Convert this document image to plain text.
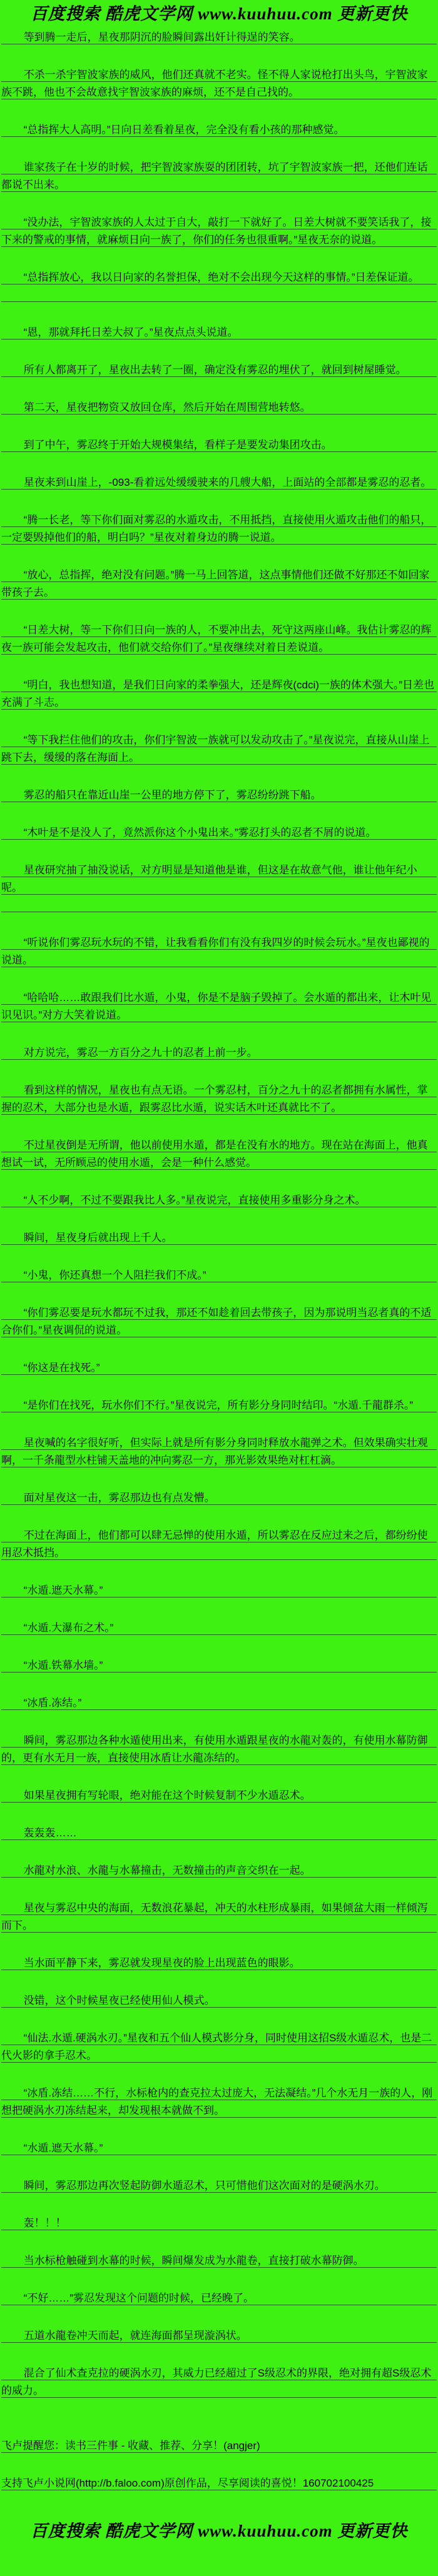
百度搜索 酷虎文学网 www.kuuhuu.com 更新更快

等到腾一走后，星夜那阴沉的脸瞬间露出奸计得逞的笑容。

不杀一杀宇智波家族的威风，他们还真就不老实。怪不得人家说枪打出头鸟，宇智波家族不跳，他也不会故意找宇智波家族的麻烦，还不是自己找的。

“总指挥大人高明。”日向日差看着星夜，完全没有看小孩的那种感觉。

谁家孩子在十岁的时候，把宇智波家族耍的团团转，坑了宇智波家族一把，还他们连话都说不出来。

“没办法，宇智波家族的人太过于自大，敲打一下就好了。日差大树就不要笑话我了，接下来的警戒的事情，就麻烦日向一族了，你们的任务也很重啊。”星夜无奈的说道。

“总指挥放心，我以日向家的名誉担保，绝对不会出现今天这样的事情。”日差保证道。

“恩，那就拜托日差大叔了。”星夜点点头说道。

所有人都离开了，星夜出去转了一圈，确定没有雾忍的埋伏了，就回到树屋睡觉。

第二天，星夜把物资又放回仓库，然后开始在周围营地转悠。

到了中午，雾忍终于开始大规模集结，看样子是要发动集团攻击。

星夜来到山崖上，-093-看着远处缓缓驶来的几艘大船，上面站的全部都是雾忍的忍者。

“腾一长老，等下你们面对雾忍的水遁攻击，不用抵挡，直接使用火遁攻击他们的船只，一定要毁掉他们的船，明白吗？”星夜对着身边的腾一说道。

“放心，总指挥，绝对没有问题。”腾一马上回答道，这点事情他们还做不好那还不如回家带孩子去。

“日差大树，等一下你们日向一族的人，不要冲出去，死守这两座山峰。我估计雾忍的辉夜一族可能会发起攻击，他们就交给你们了。”星夜继续对着日差说道。

“明白，我也想知道，是我们日向家的柔拳强大，还是辉夜(cdci)一族的体术强大。”日差也充满了斗志。

“等下我拦住他们的攻击，你们宇智波一族就可以发动攻击了。”星夜说完，直接从山崖上跳下去，缓缓的落在海面上。

雾忍的船只在靠近山崖一公里的地方停下了，雾忍纷纷跳下船。

“木叶是不是没人了，竟然派你这个小鬼出来。”雾忍打头的忍者不屑的说道。

星夜研究抽了抽没说话，对方明显是知道他是谁，但这是在故意气他，谁让他年纪小呢。

“听说你们雾忍玩水玩的不错，让我看看你们有没有我四岁的时候会玩水。”星夜也鄙视的说道。

“哈哈哈……敢跟我们比水遁，小鬼，你是不是脑子毁掉了。会水遁的都出来，让木叶见识见识。”对方大笑着说道。

对方说完，雾忍一方百分之九十的忍者上前一步。

看到这样的情况，星夜也有点无语。一个雾忍村，百分之九十的忍者都拥有水属性，掌握的忍术，大部分也是水遁，跟雾忍比水遁，说实话木叶还真就比不了。

不过星夜倒是无所谓，他以前使用水遁，都是在没有水的地方。现在站在海面上，他真想试一试，无所顾忌的使用水遁，会是一种什么感觉。

“人不少啊，不过不要跟我比人多。”星夜说完，直接使用多重影分身之术。

瞬间，星夜身后就出现上千人。

“小鬼，你还真想一个人阻拦我们不成。”

“你们雾忍要是玩水都玩不过我，那还不如趁着回去带孩子，因为那说明当忍者真的不适合你们。”星夜调侃的说道。

“你这是在找死。”

“是你们在找死，玩水你们不行。”星夜说完，所有影分身同时结印。“水遁.千龍群杀。”

星夜喊的名字很好听，但实际上就是所有影分身同时释放水龍弹之术。但效果确实壮观啊，一千条龍型水柱铺天盖地的冲向雾忍一方，那光影效果绝对杠杠滴。

面对星夜这一击，雾忍那边也有点发懵。

不过在海面上，他们都可以肆无忌惮的使用水遁，所以雾忍在反应过来之后，都纷纷使用忍术抵挡。

“水遁.遮天水幕。”

“水遁.大瀑布之术。”

“水遁.铁幕水墙。”

“冰盾.冻结。”

瞬间，雾忍那边各种水遁使用出来，有使用水遁跟星夜的水龍对轰的，有使用水幕防御的，更有水无月一族，直接使用冰盾让水龍冻结的。

如果星夜拥有写轮眼，绝对能在这个时候复制不少水遁忍术。

轰轰轰……

水龍对水浪、水龍与水幕撞击，无数撞击的声音交织在一起。

星夜与雾忍中央的海面，无数浪花暴起，冲天的水柱形成暴雨，如果倾盆大雨一样倾泻而下。

当水面平静下来，雾忍就发现星夜的脸上出现蓝色的眼影。

没错，这个时候星夜已经使用仙人模式。

“仙法.水遁.硬涡水刃。”星夜和五个仙人模式影分身，同时使用这招S级水遁忍术，也是二代火影的拿手忍术。

“冰盾.冻结……不行，水标枪内的查克拉太过庞大，无法凝结。”几个水无月一族的人，刚想把硬涡水刃冻结起来，却发现根本就做不到。

“水遁.遮天水幕。”

瞬间，雾忍那边再次竖起防御水遁忍术，只可惜他们这次面对的是硬涡水刃。

轰！！！

当水标枪触碰到水幕的时候，瞬间爆发成为水龍卷，直接打破水幕防御。

“不好……”雾忍发现这个问题的时候，已经晚了。

五道水龍卷冲天而起，就连海面都呈现漩涡状。

混合了仙术查克拉的硬涡水刃，其威力已经超过了S级忍术的界限，绝对拥有超S级忍术的威力。

飞卢提醒您：读书三件事 - 收藏、推荐、分享！(angjer)

支持飞卢小说网(http://b.faloo.com)原创作品，尽享阅读的喜悦！160702100425

百度搜索 酷虎文学网 www.kuuhuu.com 更新更快
